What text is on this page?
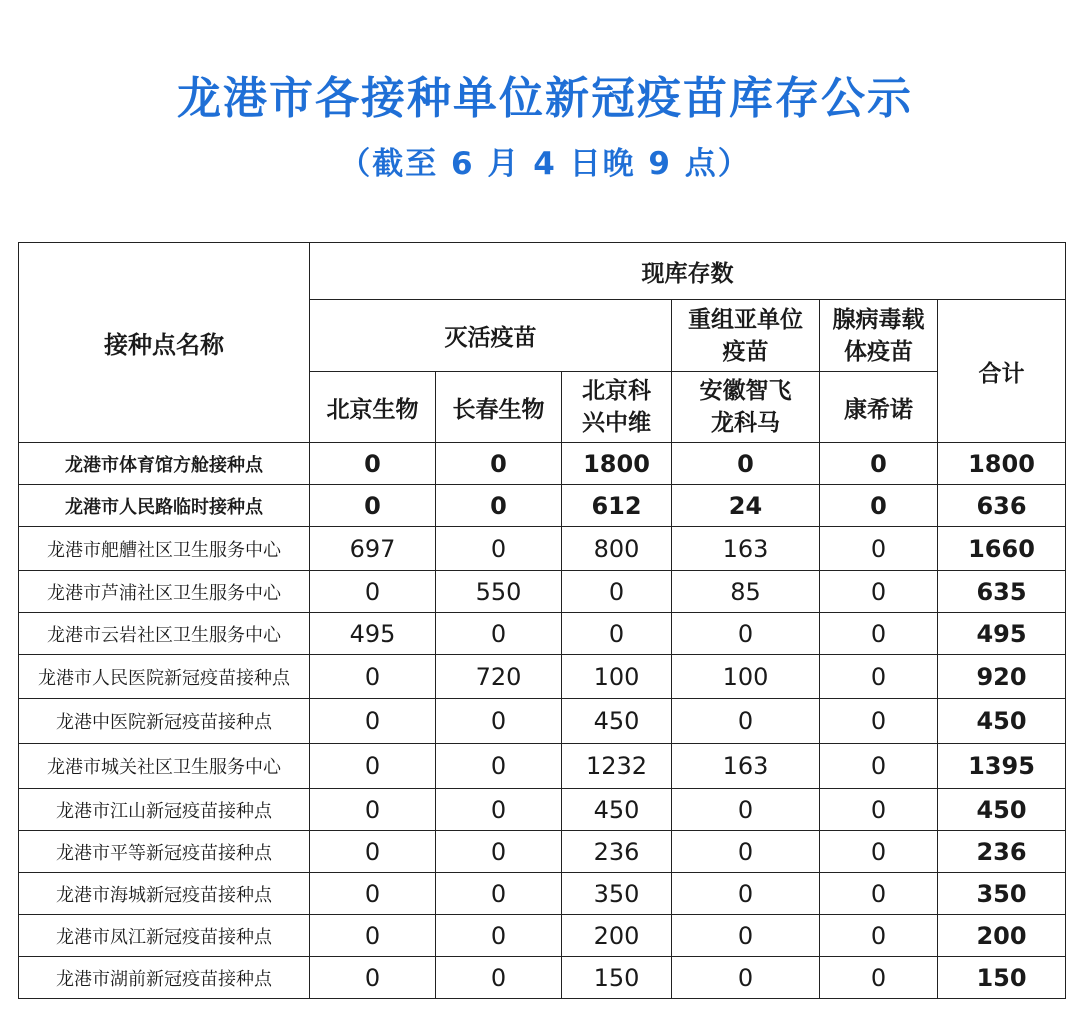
龙港市各接种单位新冠疫苗库存公示
（截至 6 月 4 日晚 9 点）
接种点名称	现库存数					
	灭活疫苗			重组亚单位疫苗	腺病毒载体疫苗	合计
	北京生物	长春生物	北京科兴中维	安徽智飞龙科马	康希诺	
龙港市体育馆方舱接种点	0	0	1800	0	0	1800
龙港市人民路临时接种点	0	0	612	24	0	636
龙港市舥艚社区卫生服务中心	697	0	800	163	0	1660
龙港市芦浦社区卫生服务中心	0	550	0	85	0	635
龙港市云岩社区卫生服务中心	495	0	0	0	0	495
龙港市人民医院新冠疫苗接种点	0	720	100	100	0	920
龙港中医院新冠疫苗接种点	0	0	450	0	0	450
龙港市城关社区卫生服务中心	0	0	1232	163	0	1395
龙港市江山新冠疫苗接种点	0	0	450	0	0	450
龙港市平等新冠疫苗接种点	0	0	236	0	0	236
龙港市海城新冠疫苗接种点	0	0	350	0	0	350
龙港市凤江新冠疫苗接种点	0	0	200	0	0	200
龙港市湖前新冠疫苗接种点	0	0	150	0	0	150
